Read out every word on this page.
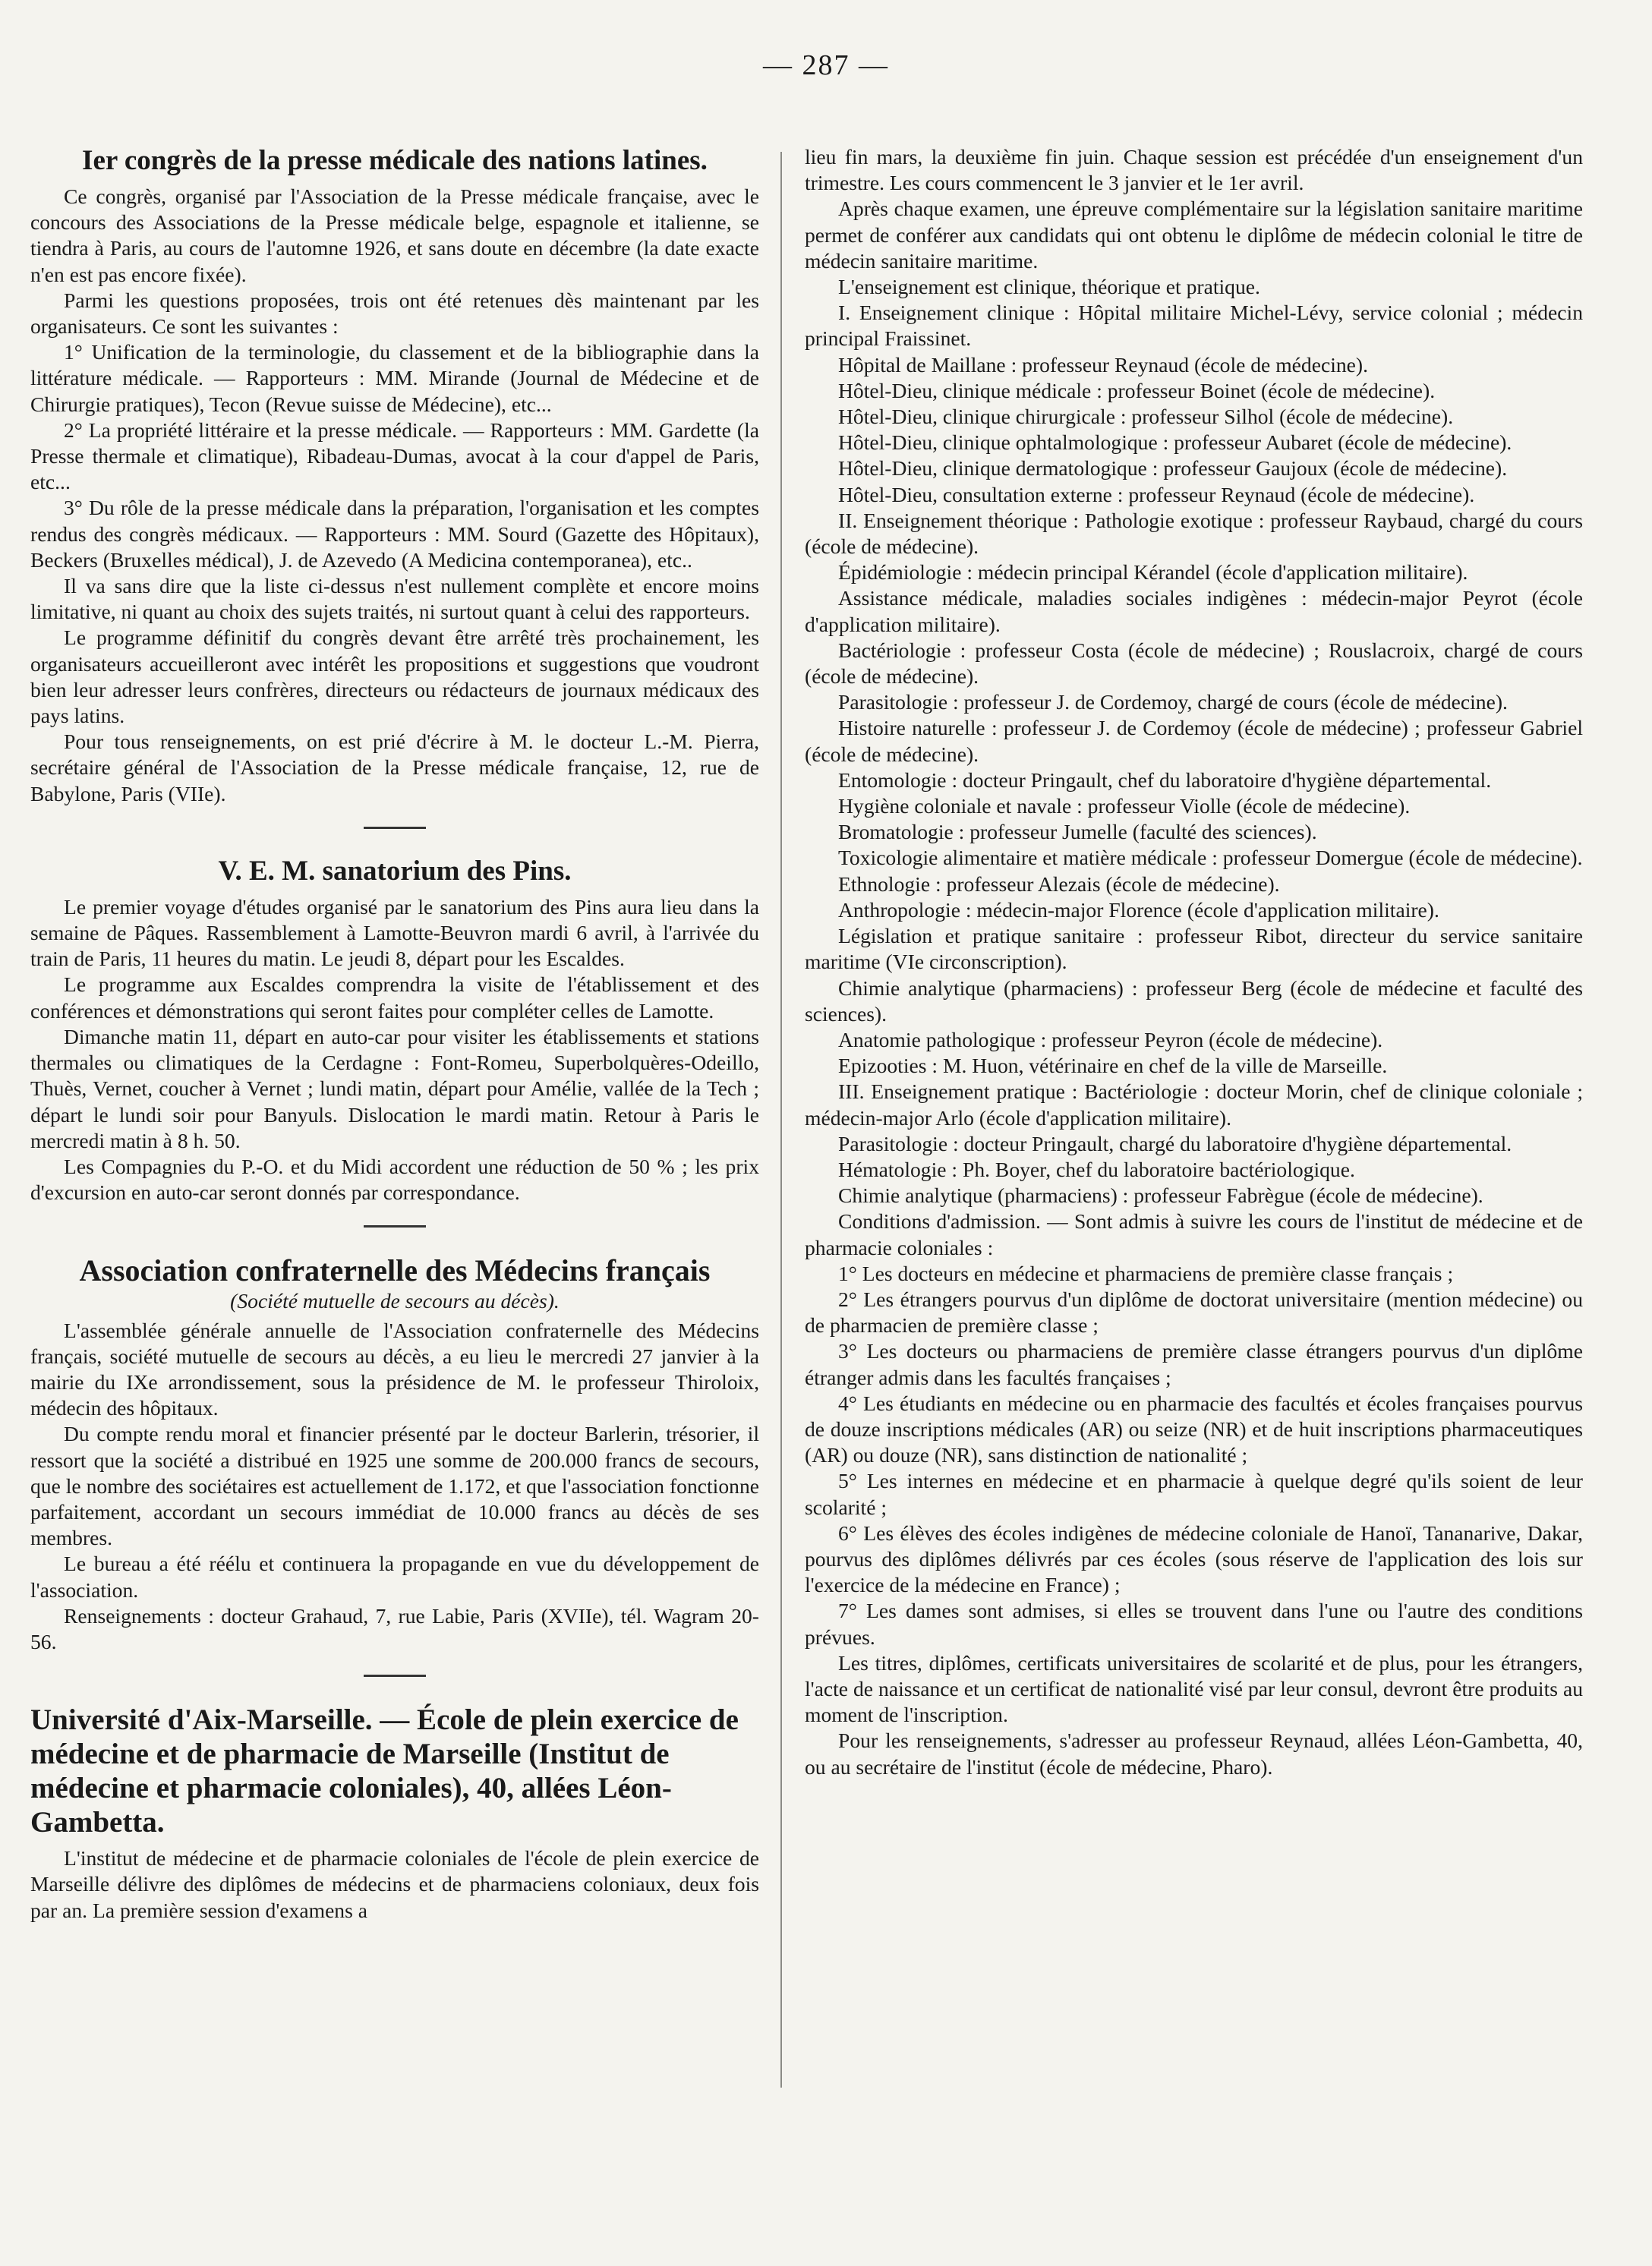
— 287 —
Ier congrès de la presse médicale des nations latines.

Ce congrès, organisé par l'Association de la Presse médicale française, avec le concours des Associations de la Presse médicale belge, espagnole et italienne, se tiendra à Paris, au cours de l'automne 1926, et sans doute en décembre (la date exacte n'en est pas encore fixée).

Parmi les questions proposées, trois ont été retenues dès maintenant par les organisateurs. Ce sont les suivantes :

1° Unification de la terminologie, du classement et de la bibliographie dans la littérature médicale. — Rapporteurs : MM. Mirande (Journal de Médecine et de Chirurgie pratiques), Tecon (Revue suisse de Médecine), etc...

2° La propriété littéraire et la presse médicale. — Rapporteurs : MM. Gardette (la Presse thermale et climatique), Ribadeau-Dumas, avocat à la cour d'appel de Paris, etc...

3° Du rôle de la presse médicale dans la préparation, l'organisation et les comptes rendus des congrès médicaux. — Rapporteurs : MM. Sourd (Gazette des Hôpitaux), Beckers (Bruxelles médical), J. de Azevedo (A Medicina contemporanea), etc..

Il va sans dire que la liste ci-dessus n'est nullement complète et encore moins limitative, ni quant au choix des sujets traités, ni surtout quant à celui des rapporteurs.

Le programme définitif du congrès devant être arrêté très prochainement, les organisateurs accueilleront avec intérêt les propositions et suggestions que voudront bien leur adresser leurs confrères, directeurs ou rédacteurs de journaux médicaux des pays latins.

Pour tous renseignements, on est prié d'écrire à M. le docteur L.-M. Pierra, secrétaire général de l'Association de la Presse médicale française, 12, rue de Babylone, Paris (VIIe).

V. E. M. sanatorium des Pins.

Le premier voyage d'études organisé par le sanatorium des Pins aura lieu dans la semaine de Pâques. Rassemblement à Lamotte-Beuvron mardi 6 avril, à l'arrivée du train de Paris, 11 heures du matin. Le jeudi 8, départ pour les Escaldes.

Le programme aux Escaldes comprendra la visite de l'établissement et des conférences et démonstrations qui seront faites pour compléter celles de Lamotte.

Dimanche matin 11, départ en auto-car pour visiter les établissements et stations thermales ou climatiques de la Cerdagne : Font-Romeu, Superbolquères-Odeillo, Thuès, Vernet, coucher à Vernet ; lundi matin, départ pour Amélie, vallée de la Tech ; départ le lundi soir pour Banyuls. Dislocation le mardi matin. Retour à Paris le mercredi matin à 8 h. 50.

Les Compagnies du P.-O. et du Midi accordent une réduction de 50 % ; les prix d'excursion en auto-car seront donnés par correspondance.

Association confraternelle des Médecins français

(Société mutuelle de secours au décès).

L'assemblée générale annuelle de l'Association confraternelle des Médecins français, société mutuelle de secours au décès, a eu lieu le mercredi 27 janvier à la mairie du IXe arrondissement, sous la présidence de M. le professeur Thiroloix, médecin des hôpitaux.

Du compte rendu moral et financier présenté par le docteur Barlerin, trésorier, il ressort que la société a distribué en 1925 une somme de 200.000 francs de secours, que le nombre des sociétaires est actuellement de 1.172, et que l'association fonctionne parfaitement, accordant un secours immédiat de 10.000 francs au décès de ses membres.

Le bureau a été réélu et continuera la propagande en vue du développement de l'association.

Renseignements : docteur Grahaud, 7, rue Labie, Paris (XVIIe), tél. Wagram 20-56.

Université d'Aix-Marseille. — École de plein exercice de médecine et de pharmacie de Marseille (Institut de médecine et pharmacie coloniales), 40, allées Léon-Gambetta.

L'institut de médecine et de pharmacie coloniales de l'école de plein exercice de Marseille délivre des diplômes de médecins et de pharmaciens coloniaux, deux fois par an. La première session d'examens a

lieu fin mars, la deuxième fin juin. Chaque session est précédée d'un enseignement d'un trimestre. Les cours commencent le 3 janvier et le 1er avril.

Après chaque examen, une épreuve complémentaire sur la législation sanitaire maritime permet de conférer aux candidats qui ont obtenu le diplôme de médecin colonial le titre de médecin sanitaire maritime.

L'enseignement est clinique, théorique et pratique.

I. Enseignement clinique : Hôpital militaire Michel-Lévy, service colonial ; médecin principal Fraissinet.

Hôpital de Maillane : professeur Reynaud (école de médecine).

Hôtel-Dieu, clinique médicale : professeur Boinet (école de médecine).

Hôtel-Dieu, clinique chirurgicale : professeur Silhol (école de médecine).

Hôtel-Dieu, clinique ophtalmologique : professeur Aubaret (école de médecine).

Hôtel-Dieu, clinique dermatologique : professeur Gaujoux (école de médecine).

Hôtel-Dieu, consultation externe : professeur Reynaud (école de médecine).

II. Enseignement théorique : Pathologie exotique : professeur Raybaud, chargé du cours (école de médecine).

Épidémiologie : médecin principal Kérandel (école d'application militaire).

Assistance médicale, maladies sociales indigènes : médecin-major Peyrot (école d'application militaire).

Bactériologie : professeur Costa (école de médecine) ; Rouslacroix, chargé de cours (école de médecine).

Parasitologie : professeur J. de Cordemoy, chargé de cours (école de médecine).

Histoire naturelle : professeur J. de Cordemoy (école de médecine) ; professeur Gabriel (école de médecine).

Entomologie : docteur Pringault, chef du laboratoire d'hygiène départemental.

Hygiène coloniale et navale : professeur Violle (école de médecine).

Bromatologie : professeur Jumelle (faculté des sciences).

Toxicologie alimentaire et matière médicale : professeur Domergue (école de médecine).

Ethnologie : professeur Alezais (école de médecine).

Anthropologie : médecin-major Florence (école d'application militaire).

Législation et pratique sanitaire : professeur Ribot, directeur du service sanitaire maritime (VIe circonscription).

Chimie analytique (pharmaciens) : professeur Berg (école de médecine et faculté des sciences).

Anatomie pathologique : professeur Peyron (école de médecine).

Epizooties : M. Huon, vétérinaire en chef de la ville de Marseille.

III. Enseignement pratique : Bactériologie : docteur Morin, chef de clinique coloniale ; médecin-major Arlo (école d'application militaire).

Parasitologie : docteur Pringault, chargé du laboratoire d'hygiène départemental.

Hématologie : Ph. Boyer, chef du laboratoire bactériologique.

Chimie analytique (pharmaciens) : professeur Fabrègue (école de médecine).

Conditions d'admission. — Sont admis à suivre les cours de l'institut de médecine et de pharmacie coloniales :

1° Les docteurs en médecine et pharmaciens de première classe français ;

2° Les étrangers pourvus d'un diplôme de doctorat universitaire (mention médecine) ou de pharmacien de première classe ;

3° Les docteurs ou pharmaciens de première classe étrangers pourvus d'un diplôme étranger admis dans les facultés françaises ;

4° Les étudiants en médecine ou en pharmacie des facultés et écoles françaises pourvus de douze inscriptions médicales (AR) ou seize (NR) et de huit inscriptions pharmaceutiques (AR) ou douze (NR), sans distinction de nationalité ;

5° Les internes en médecine et en pharmacie à quelque degré qu'ils soient de leur scolarité ;

6° Les élèves des écoles indigènes de médecine coloniale de Hanoï, Tananarive, Dakar, pourvus des diplômes délivrés par ces écoles (sous réserve de l'application des lois sur l'exercice de la médecine en France) ;

7° Les dames sont admises, si elles se trouvent dans l'une ou l'autre des conditions prévues.

Les titres, diplômes, certificats universitaires de scolarité et de plus, pour les étrangers, l'acte de naissance et un certificat de nationalité visé par leur consul, devront être produits au moment de l'inscription.

Pour les renseignements, s'adresser au professeur Reynaud, allées Léon-Gambetta, 40, ou au secrétaire de l'institut (école de médecine, Pharo).
